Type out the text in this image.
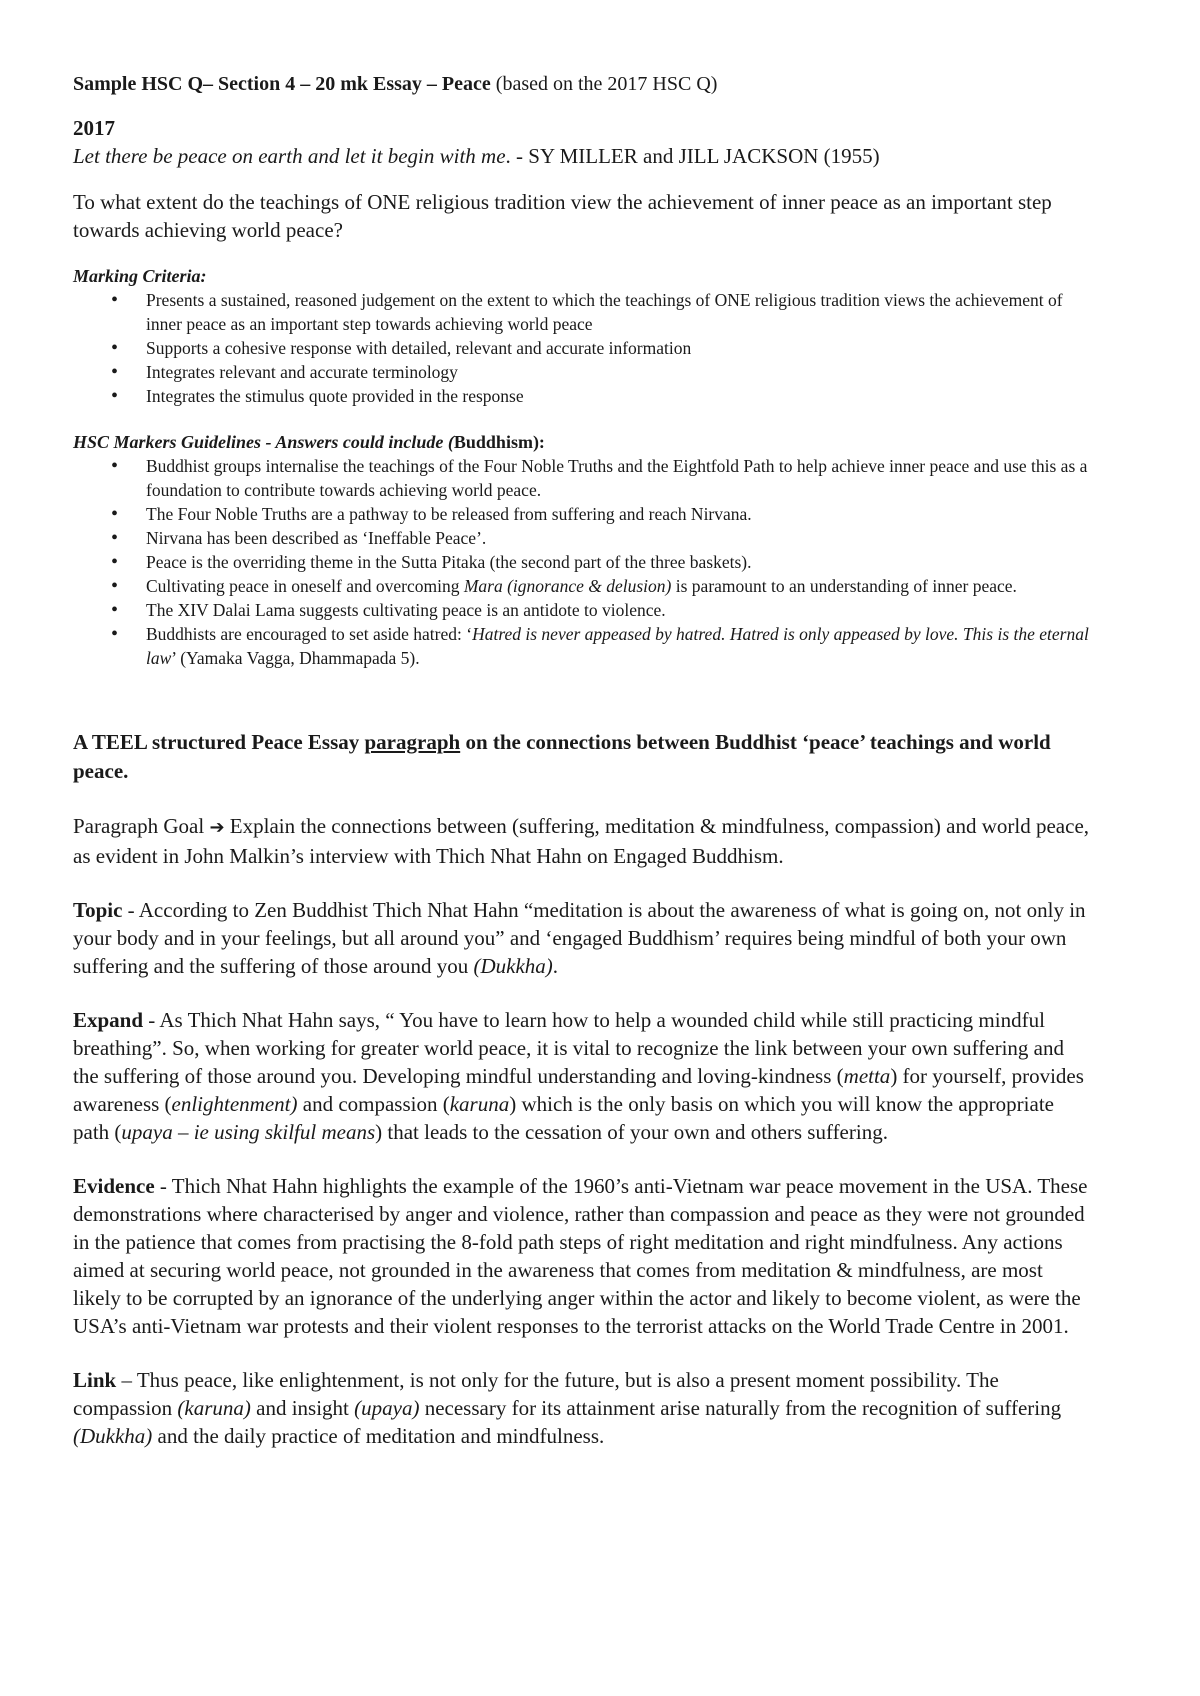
Sample HSC Q– Section 4 – 20 mk Essay – Peace (based on the 2017 HSC Q)

2017

Let there be peace on earth and let it begin with me. - SY MILLER and JILL JACKSON (1955)

To what extent do the teachings of ONE religious tradition view the achievement of inner peace as an important step towards achieving world peace?

Marking Criteria:

• Presents a sustained, reasoned judgement on the extent to which the teachings of ONE religious tradition views the achievement of inner peace as an important step towards achieving world peace
• Supports a cohesive response with detailed, relevant and accurate information
• Integrates relevant and accurate terminology
• Integrates the stimulus quote provided in the response

HSC Markers Guidelines - Answers could include (Buddhism):

• Buddhist groups internalise the teachings of the Four Noble Truths and the Eightfold Path to help achieve inner peace and use this as a foundation to contribute towards achieving world peace.
• The Four Noble Truths are a pathway to be released from suffering and reach Nirvana.
• Nirvana has been described as ‘Ineffable Peace’.
• Peace is the overriding theme in the Sutta Pitaka (the second part of the three baskets).
• Cultivating peace in oneself and overcoming Mara (ignorance & delusion) is paramount to an understanding of inner peace.
• The XIV Dalai Lama suggests cultivating peace is an antidote to violence.
• Buddhists are encouraged to set aside hatred: ‘Hatred is never appeased by hatred. Hatred is only appeased by love. This is the eternal law’ (Yamaka Vagga, Dhammapada 5).

A TEEL structured Peace Essay paragraph on the connections between Buddhist ‘peace’ teachings and world peace.

Paragraph Goal ➔ Explain the connections between (suffering, meditation & mindfulness, compassion) and world peace, as evident in John Malkin’s interview with Thich Nhat Hahn on Engaged Buddhism.

Topic - According to Zen Buddhist Thich Nhat Hahn “meditation is about the awareness of what is going on, not only in your body and in your feelings, but all around you” and ‘engaged Buddhism’ requires being mindful of both your own suffering and the suffering of those around you (Dukkha).

Expand - As Thich Nhat Hahn says, “ You have to learn how to help a wounded child while still practicing mindful breathing”. So, when working for greater world peace, it is vital to recognize the link between your own suffering and the suffering of those around you. Developing mindful understanding and loving-kindness (metta) for yourself, provides awareness (enlightenment) and compassion (karuna) which is the only basis on which you will know the appropriate path (upaya – ie using skilful means) that leads to the cessation of your own and others suffering.

Evidence - Thich Nhat Hahn highlights the example of the 1960’s anti-Vietnam war peace movement in the USA. These demonstrations where characterised by anger and violence, rather than compassion and peace as they were not grounded in the patience that comes from practising the 8-fold path steps of right meditation and right mindfulness. Any actions aimed at securing world peace, not grounded in the awareness that comes from meditation & mindfulness, are most likely to be corrupted by an ignorance of the underlying anger within the actor and likely to become violent, as were the USA’s anti-Vietnam war protests and their violent responses to the terrorist attacks on the World Trade Centre in 2001.

Link – Thus peace, like enlightenment, is not only for the future, but is also a present moment possibility. The compassion (karuna) and insight (upaya) necessary for its attainment arise naturally from the recognition of suffering (Dukkha) and the daily practice of meditation and mindfulness.
